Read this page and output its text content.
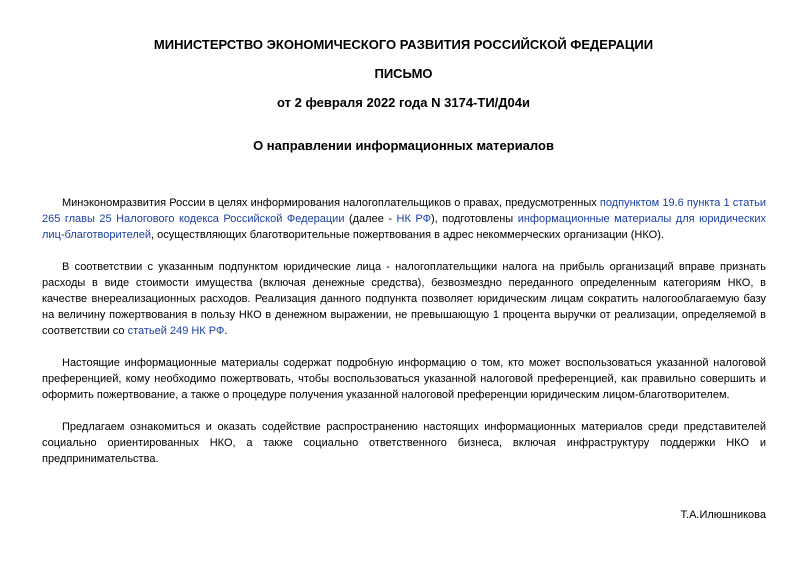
МИНИСТЕРСТВО ЭКОНОМИЧЕСКОГО РАЗВИТИЯ РОССИЙСКОЙ ФЕДЕРАЦИИ
ПИСЬМО
от 2 февраля 2022 года N 3174-ТИ/Д04и
О направлении информационных материалов

Минэкономразвития России в целях информирования налогоплательщиков о правах, предусмотренных подпунктом 19.6 пункта 1 статьи 265 главы 25 Налогового кодекса Российской Федерации (далее - НК РФ), подготовлены информационные материалы для юридических лиц-благотворителей, осуществляющих благотворительные пожертвования в адрес некоммерческих организации (НКО).

В соответствии с указанным подпунктом юридические лица - налогоплательщики налога на прибыль организаций вправе признать расходы в виде стоимости имущества (включая денежные средства), безвозмездно переданного определенным категориям НКО, в качестве внереализационных расходов. Реализация данного подпункта позволяет юридическим лицам сократить налогооблагаемую базу на величину пожертвования в пользу НКО в денежном выражении, не превышающую 1 процента выручки от реализации, определяемой в соответствии со статьей 249 НК РФ.

Настоящие информационные материалы содержат подробную информацию о том, кто может воспользоваться указанной налоговой преференцией, кому необходимо пожертвовать, чтобы воспользоваться указанной налоговой преференцией, как правильно совершить и оформить пожертвование, а также о процедуре получения указанной налоговой преференции юридическим лицом-благотворителем.

Предлагаем ознакомиться и оказать содействие распространению настоящих информационных материалов среди представителей социально ориентированных НКО, а также социально ответственного бизнеса, включая инфраструктуру поддержки НКО и предпринимательства.

Т.А.Илюшникова
